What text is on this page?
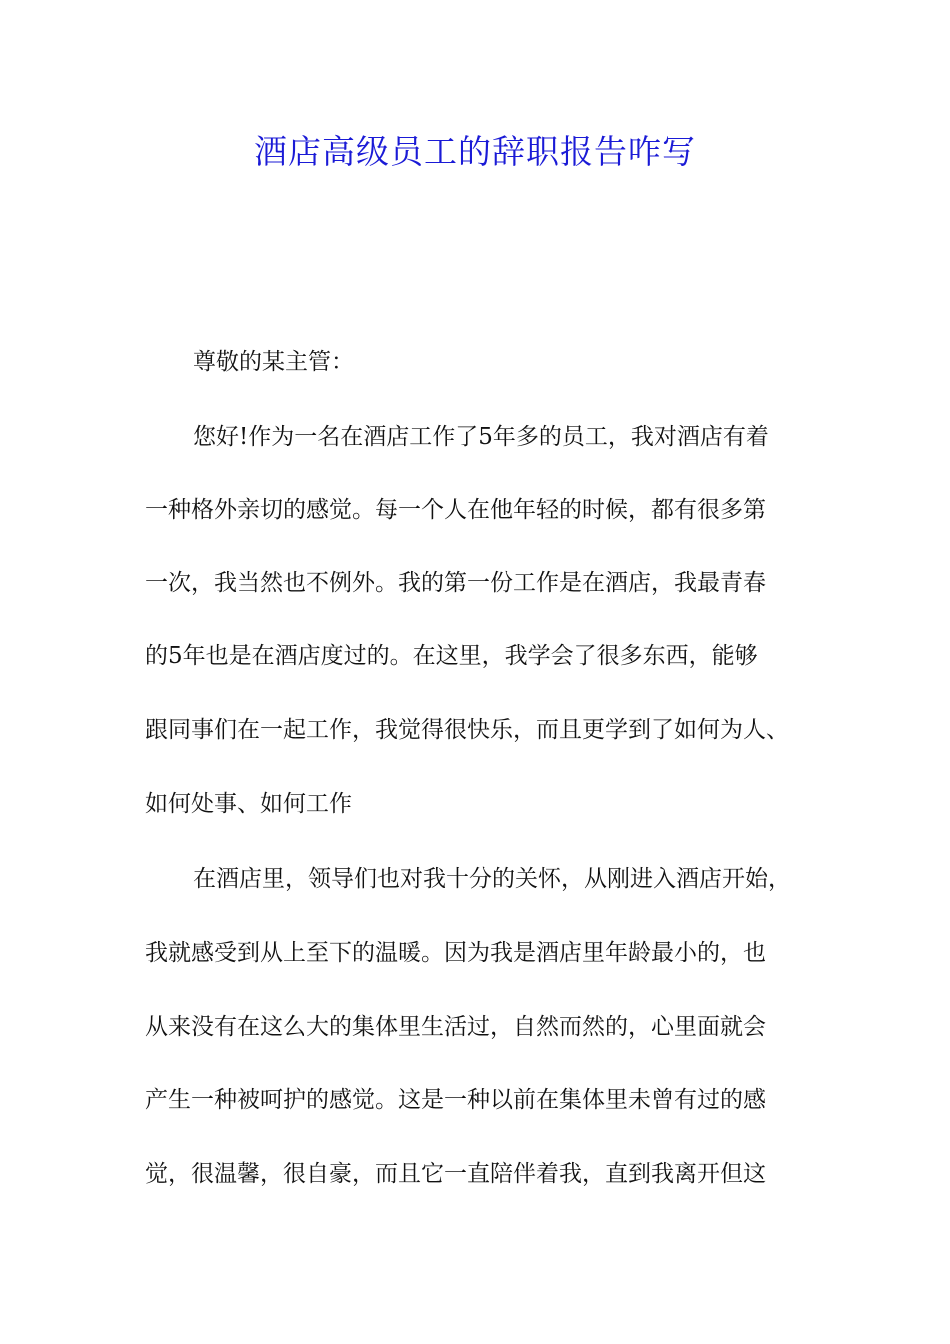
酒店高级员工的辞职报告咋写

尊敬的某主管：

您好!作为一名在酒店工作了5年多的员工，我对酒店有着

一种格外亲切的感觉。每一个人在他年轻的时候，都有很多第

一次，我当然也不例外。我的第一份工作是在酒店，我最青春

的5年也是在酒店度过的。在这里，我学会了很多东西，能够

跟同事们在一起工作，我觉得很快乐，而且更学到了如何为人、

如何处事、如何工作

在酒店里，领导们也对我十分的关怀，从刚进入酒店开始，

我就感受到从上至下的温暖。因为我是酒店里年龄最小的，也

从来没有在这么大的集体里生活过，自然而然的，心里面就会

产生一种被呵护的感觉。这是一种以前在集体里未曾有过的感

觉，很温馨，很自豪，而且它一直陪伴着我，直到我离开但这
